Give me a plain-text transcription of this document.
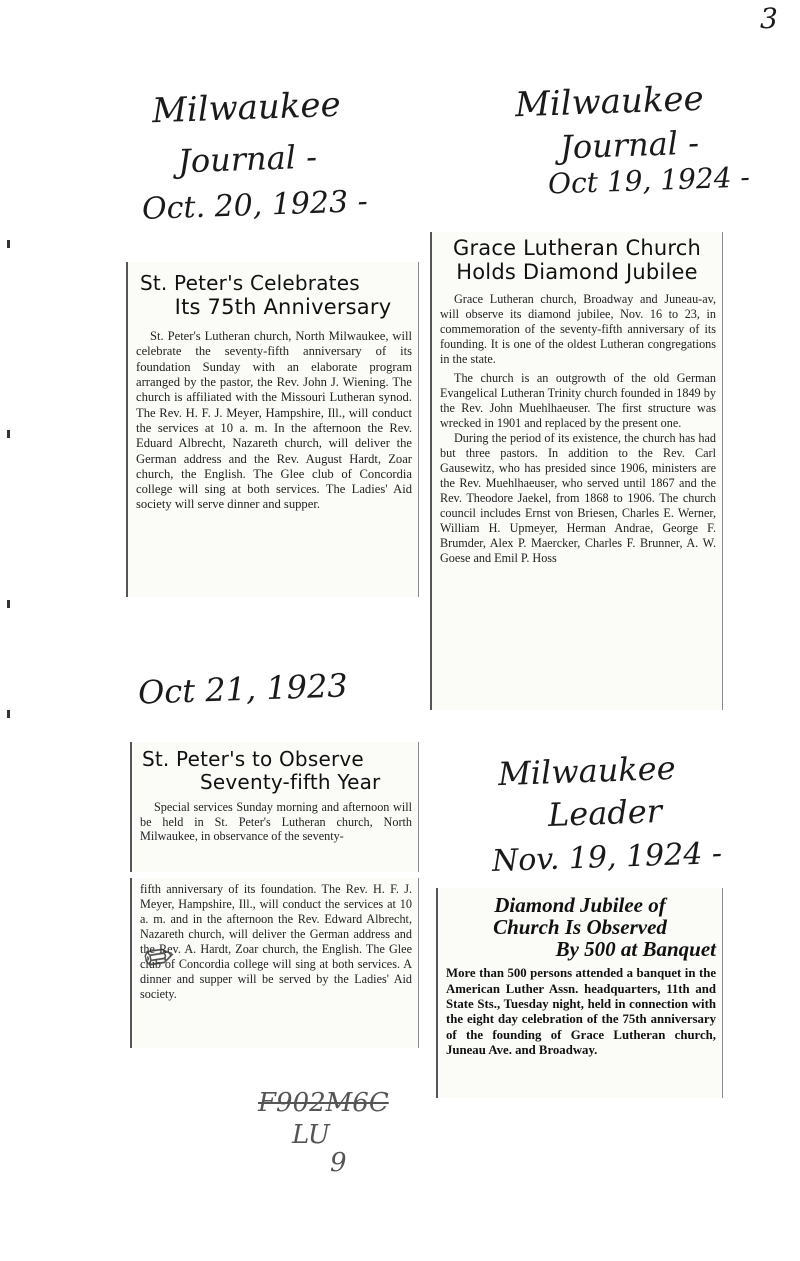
3
Milwaukee
Journal -
Oct. 20, 1923 -
Milwaukee
Journal -
Oct 19, 1924 -
Oct 21, 1923
Milwaukee
Leader
Nov. 19, 1924 -
F902M6C
LU
9
St. Peter's Celebrates
Its 75th Anniversary

St. Peter's Lutheran church, North Milwaukee, will celebrate the seventy-fifth anniversary of its foundation Sunday with an elaborate program arranged by the pastor, the Rev. John J. Wiening. The church is affiliated with the Missouri Lutheran synod. The Rev. H. F. J. Meyer, Hampshire, Ill., will conduct the services at 10 a. m. In the afternoon the Rev. Eduard Albrecht, Nazareth church, will deliver the German address and the Rev. August Hardt, Zoar church, the English. The Glee club of Concordia college will sing at both services. The Ladies' Aid society will serve dinner and supper.

Grace Lutheran Church
Holds Diamond Jubilee

Grace Lutheran church, Broadway and Juneau-av, will observe its diamond jubilee, Nov. 16 to 23, in commemoration of the seventy-fifth anniversary of its founding. It is one of the oldest Lutheran congregations in the state.

The church is an outgrowth of the old German Evangelical Lutheran Trinity church founded in 1849 by the Rev. John Muehlhaeuser. The first structure was wrecked in 1901 and replaced by the present one.

During the period of its existence, the church has had but three pastors. In addition to the Rev. Carl Gausewitz, who has presided since 1906, ministers are the Rev. Muehlhaeuser, who served until 1867 and the Rev. Theodore Jaekel, from 1868 to 1906. The church council includes Ernst von Briesen, Charles E. Werner, William H. Upmeyer, Herman Andrae, George F. Brumder, Alex P. Maercker, Charles F. Brunner, A. W. Goese and Emil P. Hoss

St. Peter's to Observe
Seventy-fifth Year

Special services Sunday morning and afternoon will be held in St. Peter's Lutheran church, North Milwaukee, in observance of the seventy-

fifth anniversary of its foundation. The Rev. H. F. J. Meyer, Hampshire, Ill., will conduct the services at 10 a. m. and in the afternoon the Rev. Edward Albrecht, Nazareth church, will deliver the German address and the Rev. A. Hardt, Zoar church, the English. The Glee club of Concordia college will sing at both services. A dinner and supper will be served by the Ladies' Aid society.

✎
Diamond Jubilee of
Church Is Observed
By 500 at Banquet

More than 500 persons attended a banquet in the American Luther Assn. headquarters, 11th and State Sts., Tuesday night, held in connection with the eight day celebration of the 75th anniversary of the founding of Grace Lutheran church, Juneau Ave. and Broadway.
